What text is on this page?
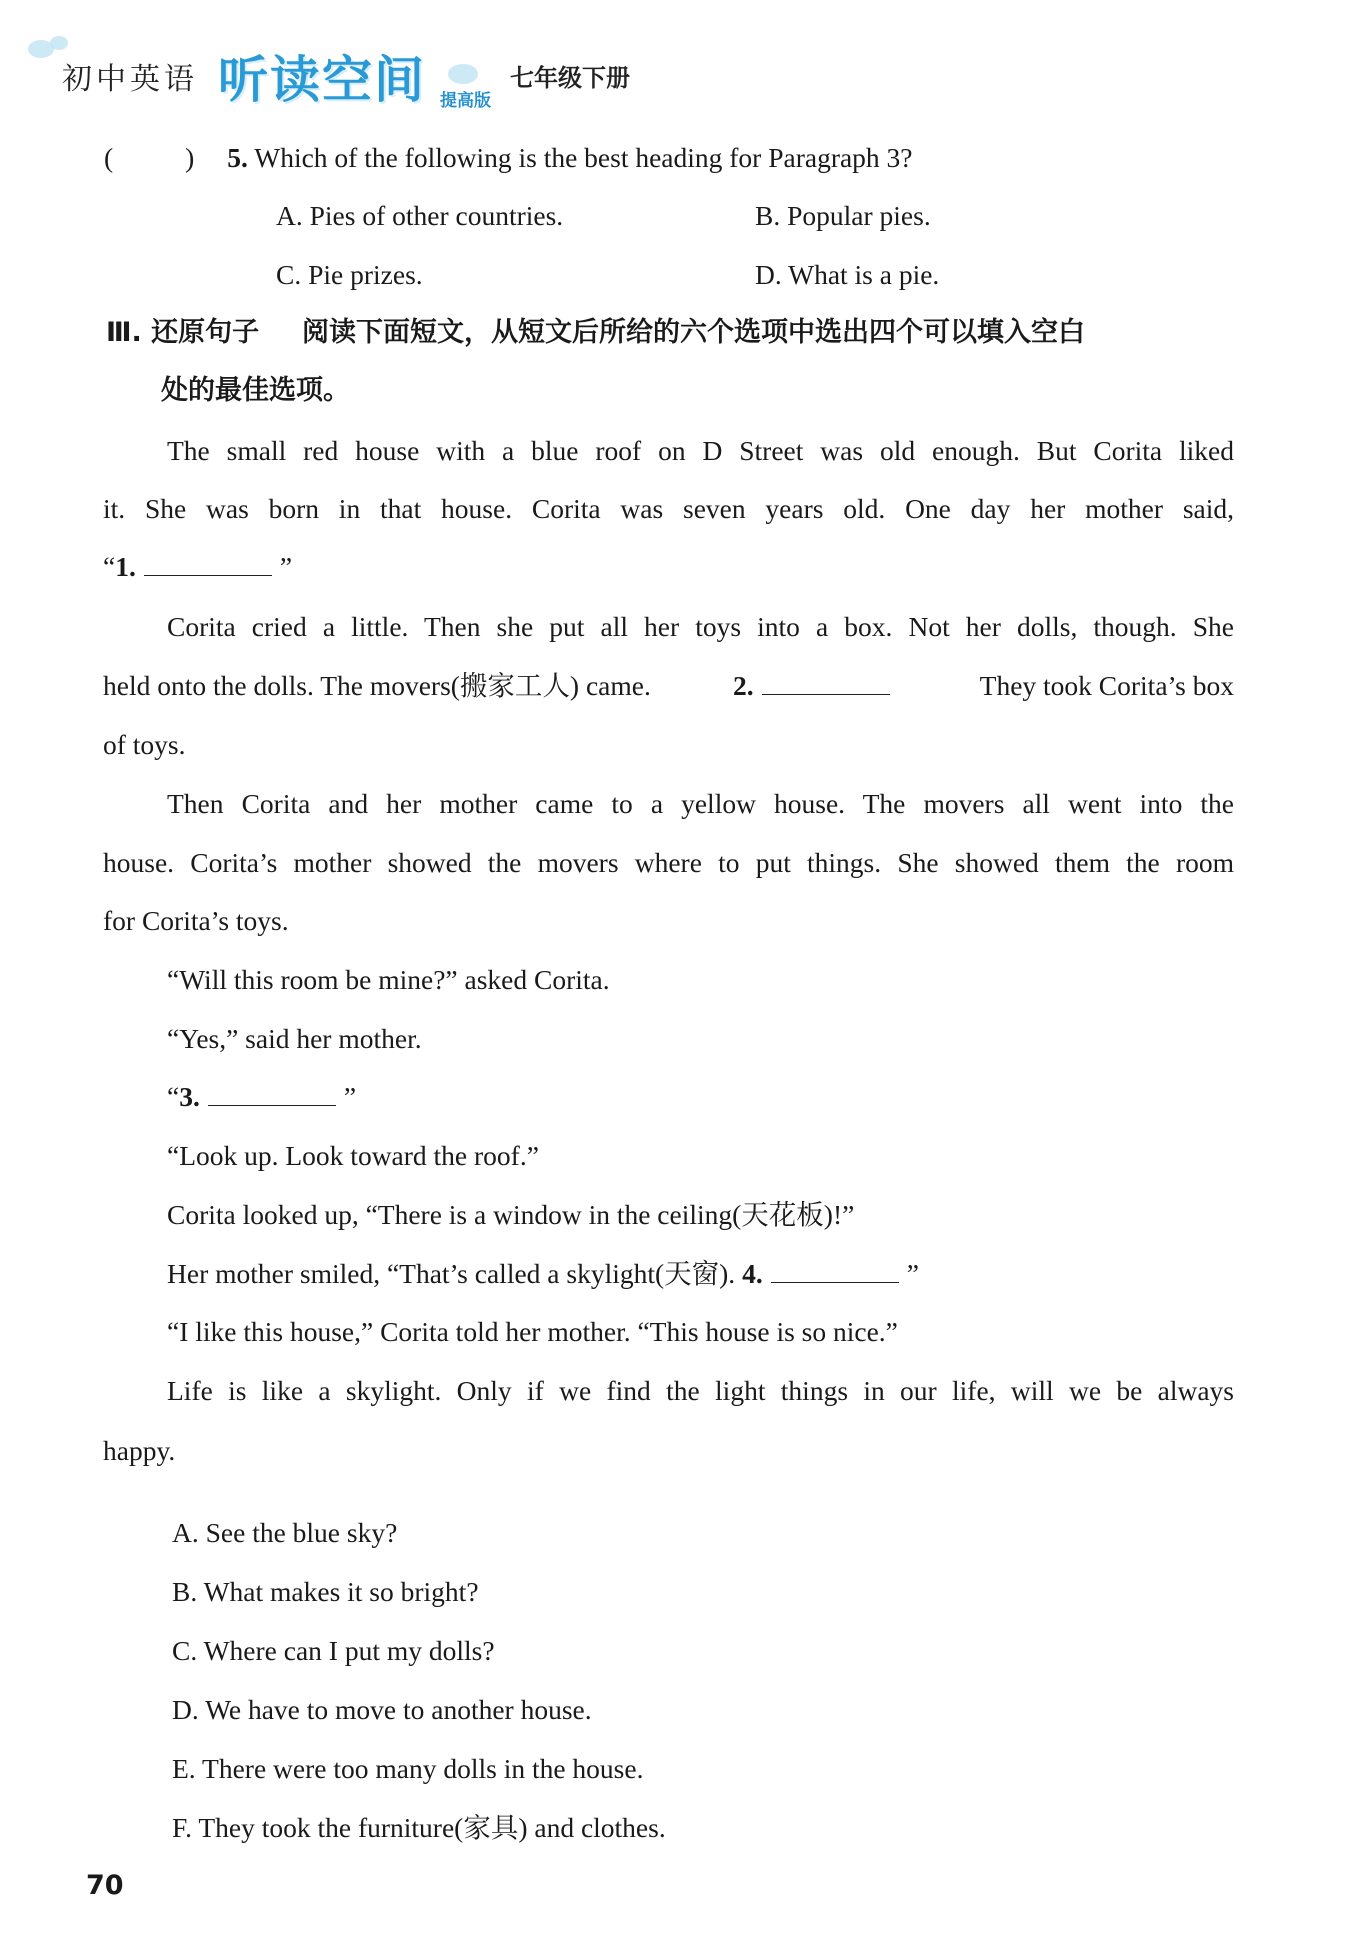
初中英语 听读空间 提高版
七年级下册
(	) 5. Which of the following is the best heading for Paragraph 3?
A. Pies of other countries.	B. Popular pies.
C. Pie prizes.	D. What is a pie.
Ⅲ. 还原句子 阅读下面短文，从短文后所给的六个选项中选出四个可以填入空白
处的最佳选项。
The small red house with a blue roof on D Street was old enough. But Corita liked
it. She was born in that house. Corita was seven years old. One day her mother said,
“1.	”
Corita cried a little. Then she put all her toys into a box. Not her dolls, though. She
held onto the dolls. The movers(搬家工人) came.	2.	They took Corita’s box
of toys.
Then Corita and her mother came to a yellow house. The movers all went into the
house. Corita’s mother showed the movers where to put things. She showed them the room
for Corita’s toys.
“Will this room be mine?” asked Corita.
“Yes,” said her mother.
“3.	”
“Look up. Look toward the roof.”
Corita looked up, “There is a window in the ceiling(天花板)!”
Her mother smiled, “That’s called a skylight(天窗). 4.	”
“I like this house,” Corita told her mother. “This house is so nice.”
Life is like a skylight. Only if we find the light things in our life, will we be always
happy.
A. See the blue sky?
B. What makes it so bright?
C. Where can I put my dolls?
D. We have to move to another house.
E. There were too many dolls in the house.
F. They took the furniture(家具) and clothes.
70
